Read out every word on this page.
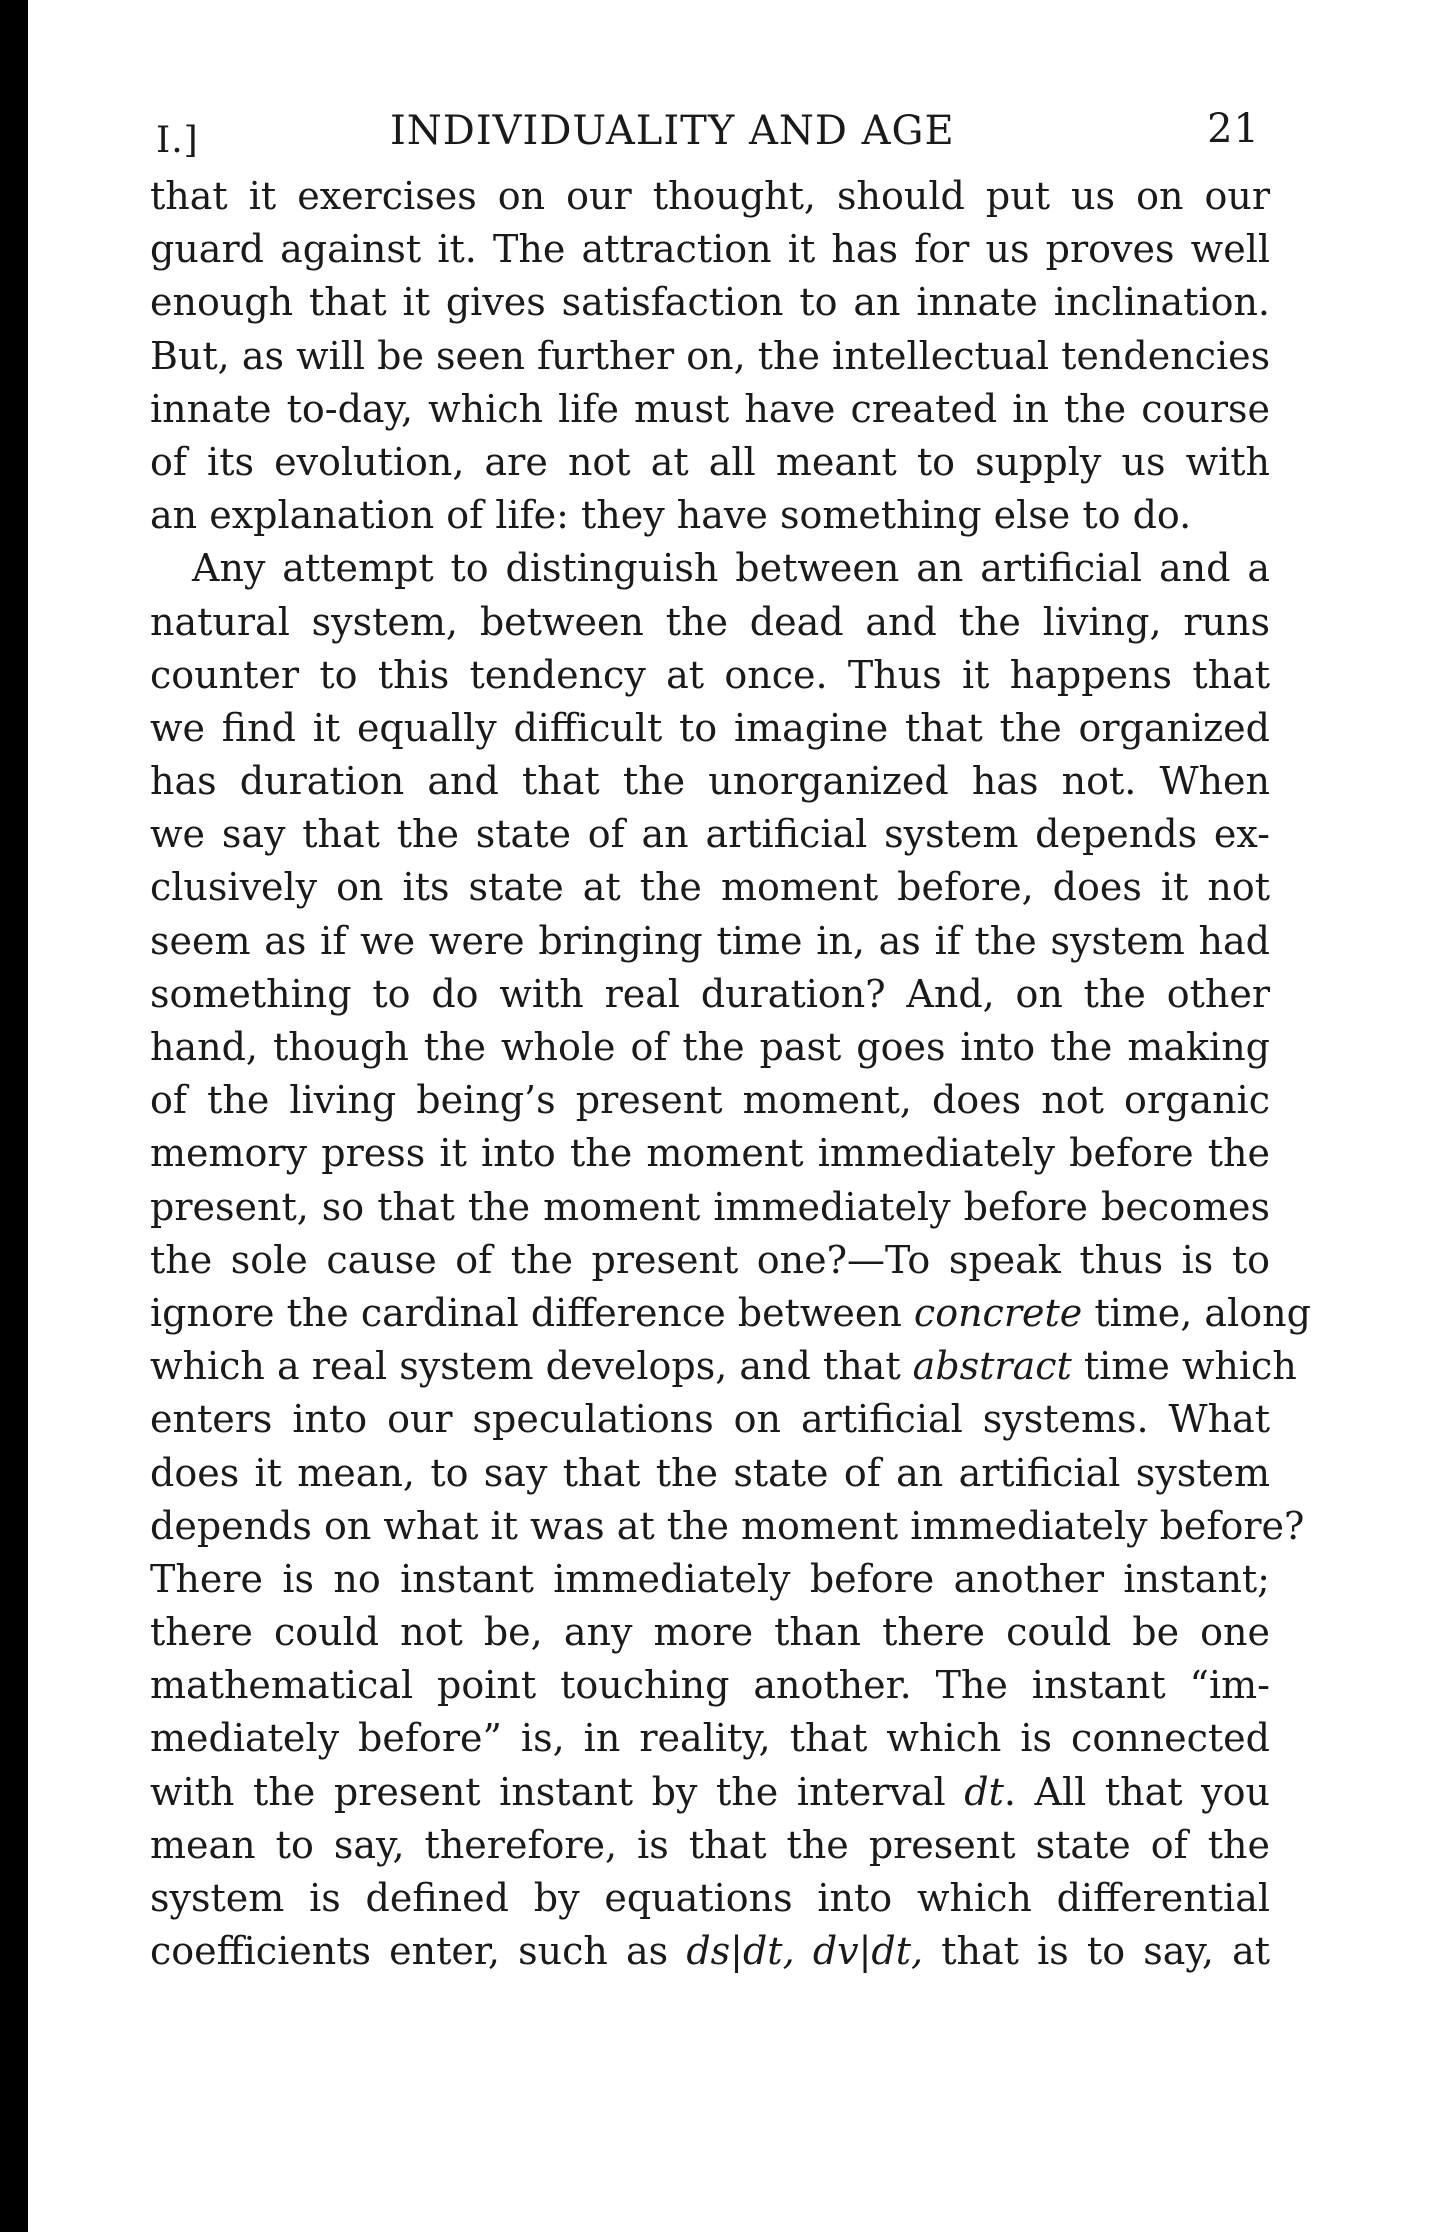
I.]	INDIVIDUALITY AND AGE	21
that it exercises on our thought, should put us on our
guard against it. The attraction it has for us proves well
enough that it gives satisfaction to an innate inclination.
But, as will be seen further on, the intellectual tendencies
innate to-day, which life must have created in the course
of its evolution, are not at all meant to supply us with
an explanation of life: they have something else to do.
Any attempt to distinguish between an artificial and a
natural system, between the dead and the living, runs
counter to this tendency at once. Thus it happens that
we find it equally difficult to imagine that the organized
has duration and that the unorganized has not. When
we say that the state of an artificial system depends ex-
clusively on its state at the moment before, does it not
seem as if we were bringing time in, as if the system had
something to do with real duration? And, on the other
hand, though the whole of the past goes into the making
of the living being’s present moment, does not organic
memory press it into the moment immediately before the
present, so that the moment immediately before becomes
the sole cause of the present one?—To speak thus is to
ignore the cardinal difference between concrete time, along
which a real system develops, and that abstract time which
enters into our speculations on artificial systems. What
does it mean, to say that the state of an artificial system
depends on what it was at the moment immediately before?
There is no instant immediately before another instant;
there could not be, any more than there could be one
mathematical point touching another. The instant “im-
mediately before” is, in reality, that which is connected
with the present instant by the interval dt. All that you
mean to say, therefore, is that the present state of the
system is defined by equations into which differential
coefficients enter, such as ds|dt, dv|dt, that is to say, at
